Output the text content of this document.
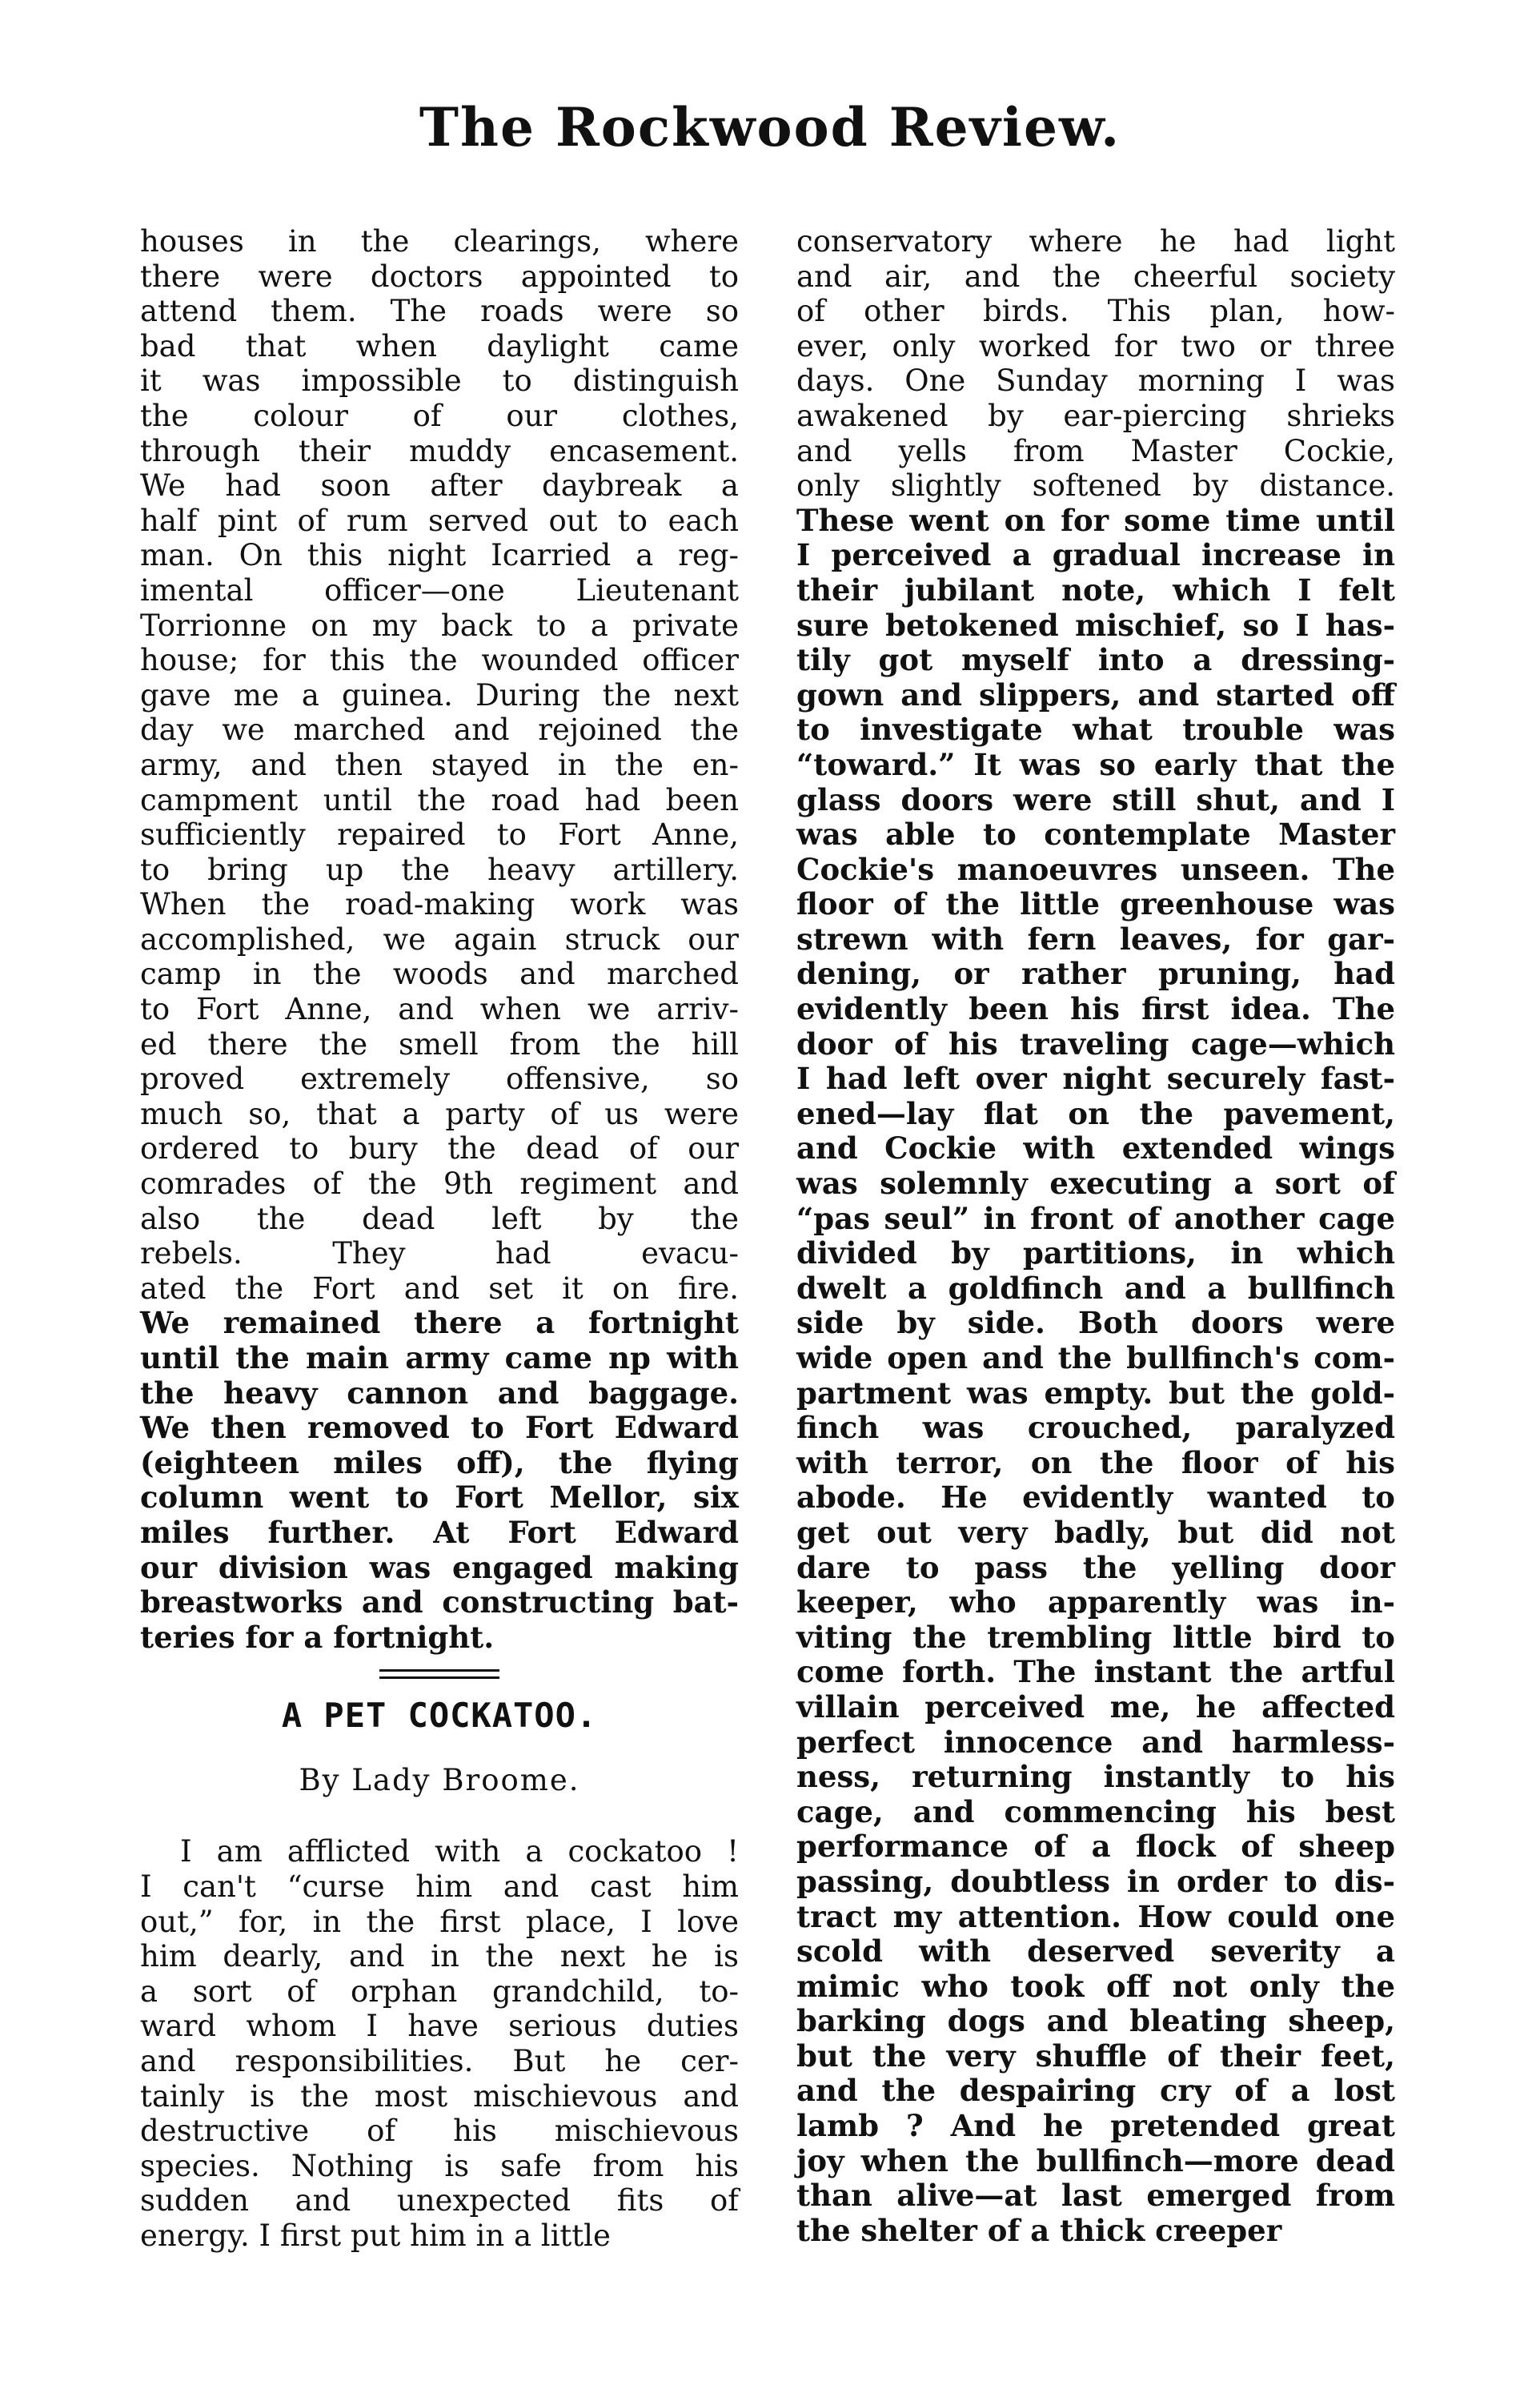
The Rockwood Review.
houses in the clearings, where
there were doctors appointed to
attend them. The roads were so
bad that when daylight came
it was impossible to distinguish
the colour of our clothes,
through their muddy encasement.
We had soon after daybreak a
half pint of rum served out to each
man. On this night Icarried a reg-
imental officer—one Lieutenant
Torrionne on my back to a private
house; for this the wounded officer
gave me a guinea. During the next
day we marched and rejoined the
army, and then stayed in the en-
campment until the road had been
sufficiently repaired to Fort Anne,
to bring up the heavy artillery.
When the road-making work was
accomplished, we again struck our
camp in the woods and marched
to Fort Anne, and when we arriv-
ed there the smell from the hill
proved extremely offensive, so
much so, that a party of us were
ordered to bury the dead of our
comrades of the 9th regiment and
also the dead left by the
rebels. They had evacu-
ated the Fort and set it on fire.
We remained there a fortnight
until the main army came np with
the heavy cannon and baggage.
We then removed to Fort Edward
(eighteen miles off), the flying
column went to Fort Mellor, six
miles further. At Fort Edward
our division was engaged making
breastworks and constructing bat-
teries for a fortnight.
A PET COCKATOO.
By Lady Broome.
I am afflicted with a cockatoo !
I can't “curse him and cast him
out,” for, in the first place, I love
him dearly, and in the next he is
a sort of orphan grandchild, to-
ward whom I have serious duties
and responsibilities. But he cer-
tainly is the most mischievous and
destructive of his mischievous
species. Nothing is safe from his
sudden and unexpected fits of
energy. I first put him in a little
conservatory where he had light
and air, and the cheerful society
of other birds. This plan, how-
ever, only worked for two or three
days. One Sunday morning I was
awakened by ear-piercing shrieks
and yells from Master Cockie,
only slightly softened by distance.
These went on for some time until
I perceived a gradual increase in
their jubilant note, which I felt
sure betokened mischief, so I has-
tily got myself into a dressing-
gown and slippers, and started off
to investigate what trouble was
“toward.” It was so early that the
glass doors were still shut, and I
was able to contemplate Master
Cockie's manoeuvres unseen. The
floor of the little greenhouse was
strewn with fern leaves, for gar-
dening, or rather pruning, had
evidently been his first idea. The
door of his traveling cage—which
I had left over night securely fast-
ened—lay flat on the pavement,
and Cockie with extended wings
was solemnly executing a sort of
“pas seul” in front of another cage
divided by partitions, in which
dwelt a goldfinch and a bullfinch
side by side. Both doors were
wide open and the bullfinch's com-
partment was empty. but the gold-
finch was crouched, paralyzed
with terror, on the floor of his
abode. He evidently wanted to
get out very badly, but did not
dare to pass the yelling door
keeper, who apparently was in-
viting the trembling little bird to
come forth. The instant the artful
villain perceived me, he affected
perfect innocence and harmless-
ness, returning instantly to his
cage, and commencing his best
performance of a flock of sheep
passing, doubtless in order to dis-
tract my attention. How could one
scold with deserved severity a
mimic who took off not only the
barking dogs and bleating sheep,
but the very shuffle of their feet,
and the despairing cry of a lost
lamb ? And he pretended great
joy when the bullfinch—more dead
than alive—at last emerged from
the shelter of a thick creeper
